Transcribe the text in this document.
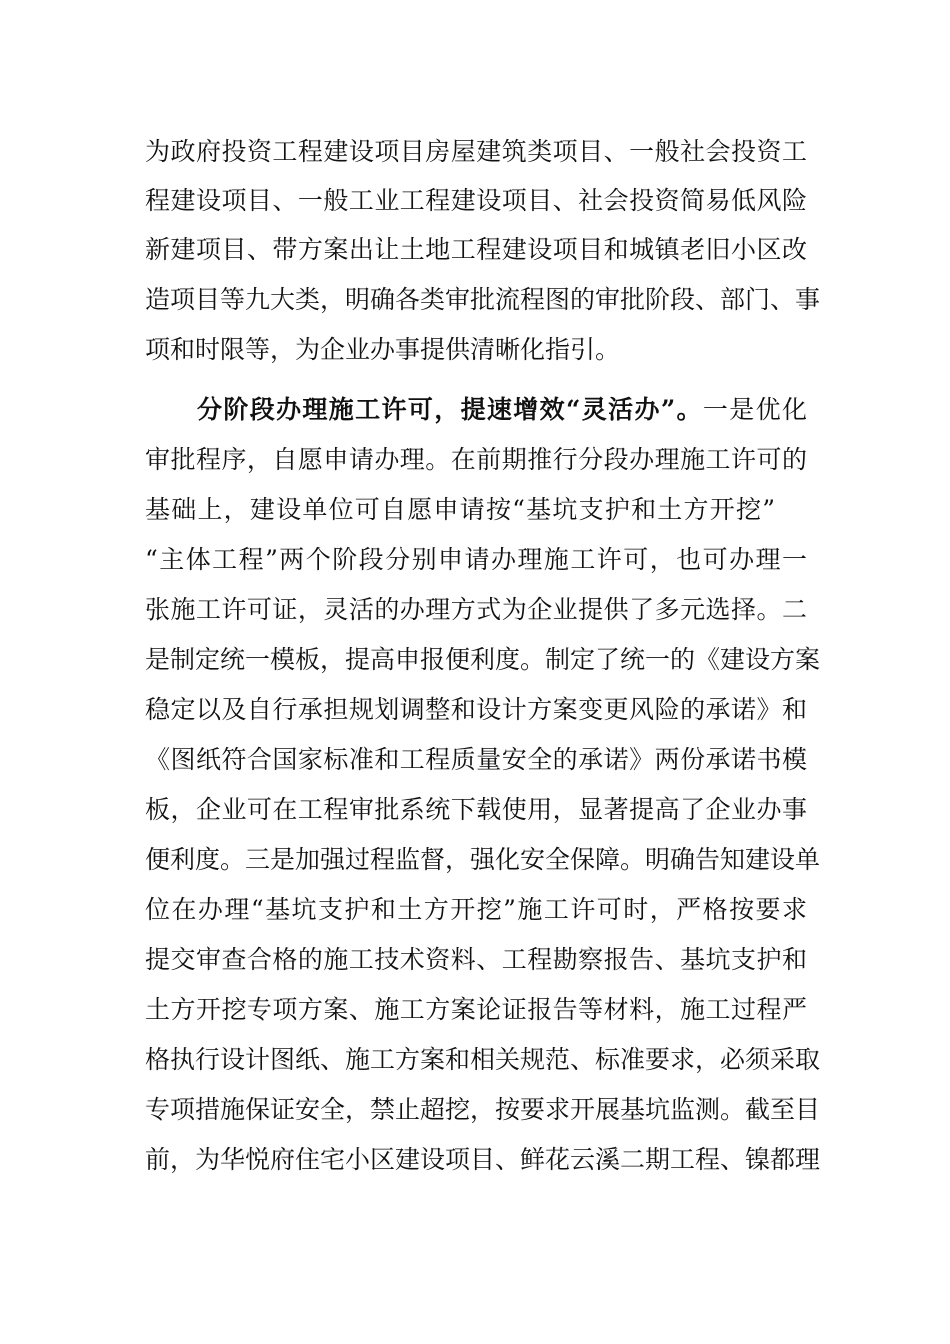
为政府投资工程建设项目房屋建筑类项目、一般社会投资工
程建设项目、一般工业工程建设项目、社会投资简易低风险
新建项目、带方案出让土地工程建设项目和城镇老旧小区改
造项目等九大类，明确各类审批流程图的审批阶段、部门、事
项和时限等，为企业办事提供清晰化指引。
分阶段办理施工许可，提速增效“灵活办”。一是优化
审批程序，自愿申请办理。在前期推行分段办理施工许可的
基础上，建设单位可自愿申请按“基坑支护和土方开挖”
“主体工程”两个阶段分别申请办理施工许可，也可办理一
张施工许可证，灵活的办理方式为企业提供了多元选择。二
是制定统一模板，提高申报便利度。制定了统一的《建设方案
稳定以及自行承担规划调整和设计方案变更风险的承诺》和
《图纸符合国家标准和工程质量安全的承诺》两份承诺书模
板，企业可在工程审批系统下载使用，显著提高了企业办事
便利度。三是加强过程监督，强化安全保障。明确告知建设单
位在办理“基坑支护和土方开挖”施工许可时，严格按要求
提交审查合格的施工技术资料、工程勘察报告、基坑支护和
土方开挖专项方案、施工方案论证报告等材料，施工过程严
格执行设计图纸、施工方案和相关规范、标准要求，必须采取
专项措施保证安全，禁止超挖，按要求开展基坑监测。截至目
前，为华悦府住宅小区建设项目、鲜花云溪二期工程、镍都理
